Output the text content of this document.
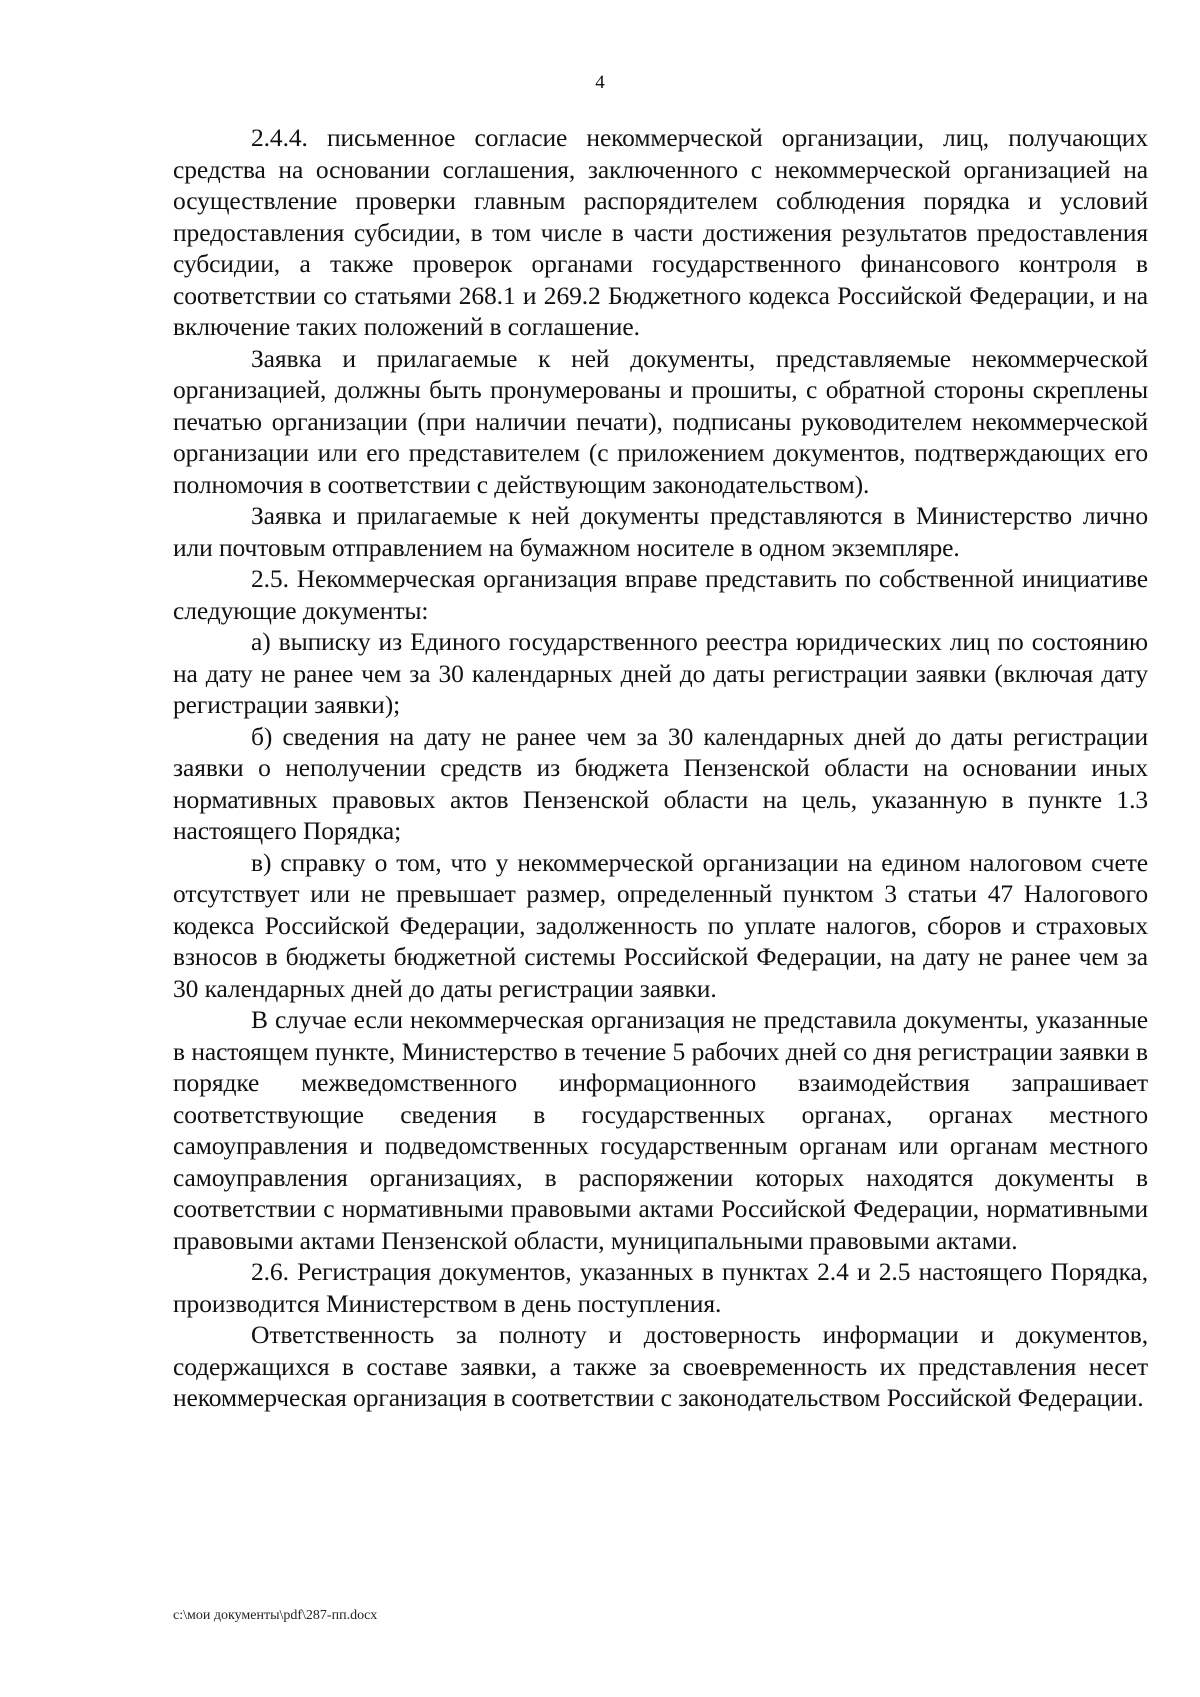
4

2.4.4. письменное согласие некоммерческой организации, лиц, получающих средства на основании соглашения, заключенного с некоммерческой организацией на осуществление проверки главным распорядителем соблюдения порядка и условий предоставления субсидии, в том числе в части достижения результатов предоставления субсидии, а также проверок органами государственного финансового контроля в соответствии со статьями 268.1 и 269.2 Бюджетного кодекса Российской Федерации, и на включение таких положений в соглашение.

Заявка и прилагаемые к ней документы, представляемые некоммерческой организацией, должны быть пронумерованы и прошиты, с обратной стороны скреплены печатью организации (при наличии печати), подписаны руководителем некоммерческой организации или его представителем (с приложением документов, подтверждающих его полномочия в соответствии с действующим законодательством).

Заявка и прилагаемые к ней документы представляются в Министерство лично или почтовым отправлением на бумажном носителе в одном экземпляре.

2.5. Некоммерческая организация вправе представить по собственной инициативе следующие документы:

а) выписку из Единого государственного реестра юридических лиц по состоянию на дату не ранее чем за 30 календарных дней до даты регистрации заявки (включая дату регистрации заявки);

б) сведения на дату не ранее чем за 30 календарных дней до даты регистрации заявки о неполучении средств из бюджета Пензенской области на основании иных нормативных правовых актов Пензенской области на цель, указанную в пункте 1.3 настоящего Порядка;

в) справку о том, что у некоммерческой организации на едином налоговом счете отсутствует или не превышает размер, определенный пунктом 3 статьи 47 Налогового кодекса Российской Федерации, задолженность по уплате налогов, сборов и страховых взносов в бюджеты бюджетной системы Российской Федерации, на дату не ранее чем за 30 календарных дней до даты регистрации заявки.

В случае если некоммерческая организация не представила документы, указанные в настоящем пункте, Министерство в течение 5 рабочих дней со дня регистрации заявки в порядке межведомственного информационного взаимодействия запрашивает соответствующие сведения в государственных органах, органах местного самоуправления и подведомственных государственным органам или органам местного самоуправления организациях, в распоряжении которых находятся документы в соответствии с нормативными правовыми актами Российской Федерации, нормативными правовыми актами Пензенской области, муниципальными правовыми актами.

2.6. Регистрация документов, указанных в пунктах 2.4 и 2.5 настоящего Порядка, производится Министерством в день поступления.

Ответственность за полноту и достоверность информации и документов, содержащихся в составе заявки, а также за своевременность их представления несет некоммерческая организация в соответствии с законодательством Российской Федерации.

c:\мои документы\pdf\287-пп.docx
